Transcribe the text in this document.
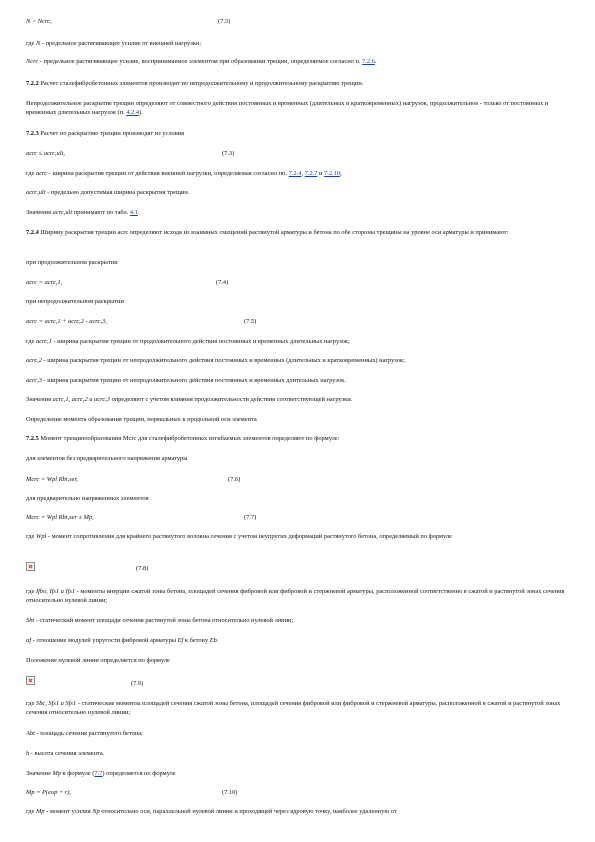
N > Ncrc,	(7.3)
где N - предельное растягивающее усилие от внешней нагрузки;
Ncrc - предельное растягивающее усилие, воспринимаемое элементом при образовании трещин, определяемое согласно п. 7.2.6.
7.2.2 Расчет сталефибробетонных элементов производят по непродолжительному и продолжительному раскрытию трещин.
Непродолжительное раскрытие трещин определяют от совместного действия постоянных и временных (длительных и кратковременных) нагрузок, продолжительное - только от постоянных и временных длительных нагрузок (п. 4.2.4).
7.2.3 Расчет по раскрытию трещин производят из условия
acrc ≤ acrc,ult,	(7.3)
где acrc - ширина раскрытия трещин от действия внешней нагрузки, определяемая согласно пп. 7.2.4, 7.2.7 и 7.2.10;
acrc,ult - предельно допустимая ширина раскрытия трещин.
Значения acrc,ult принимают по табл. 4.1.
7.2.4 Ширину раскрытия трещин acrc определяют исходя из взаимных смещений растянутой арматуры и бетона по обе стороны трещины на уровне оси арматуры и принимают:
при продолжительном раскрытии
acrc = acrc,1,	(7.4)
при непродолжительном раскрытии
acrc = acrc,1 + acrc,2 - acrc,3,	(7.5)
где acrc,1 - ширина раскрытия трещин от продолжительного действия постоянных и временных длительных нагрузок;
acrc,2 - ширина раскрытия трещин от непродолжительного действия постоянных и временных (длительных и кратковременных) нагрузок;
acrc,3 - ширина раскрытия трещин от непродолжительного действия постоянных и временных длительных нагрузок.
Значения acrc,1, acrc,2 и acrc,3 определяют с учетом влияния продолжительности действия соответствующей нагрузки.
Определение момента образования трещин, нормальных к продольной оси элемента
7.2.5 Момент трещинообразования Mcrc для сталефибробетонных изгибаемых элементов определяют по формуле:
для элементов без предварительного напряжения арматуры
Mcrc = Wpl Rbt,ser,	(7.6)
для предварительно напряженных элементов
Mcrc = Wpl Rbt,ser ± Mp,	(7.7)
где Wpl - момент сопротивления для крайнего растянутого волокна сечения с учетом неупругих деформаций растянутого бетона, определяемый по формуле
(7.8)
где Ifbo, Ifs1 и Ifs1 - моменты инерции сжатой зоны бетона, площадей сечения фибровой или фибровой и стержневой арматуры, расположенной соответственно в сжатой и растянутой зонах сечения относительно нулевой линии;
Sbt - статический момент площади сечения растянутой зоны бетона относительно нулевой линии;
αf - отношение модулей упругости фибровой арматуры Ef к бетону Eb.
Положение нулевой линии определяется по формуле
(7.9)
где Sbc, Sfs1 и Sfs1 - статические моменты площадей сечения сжатой зоны бетона, площадей сечения фибровой или фибровой и стержневой арматуры, расположенной в сжатой и растянутой зонах сечения относительно нулевой линии;
Abt - площадь сечения растянутого бетона;
h - высота сечения элемента.
Значение Mp в формуле (7.7) определяется по формуле
Mp = P(eop + r),	(7.10)
где Mp - момент усилия Np относительно оси, параллельной нулевой линии и проходящей через ядровую точку, наиболее удаленную от
